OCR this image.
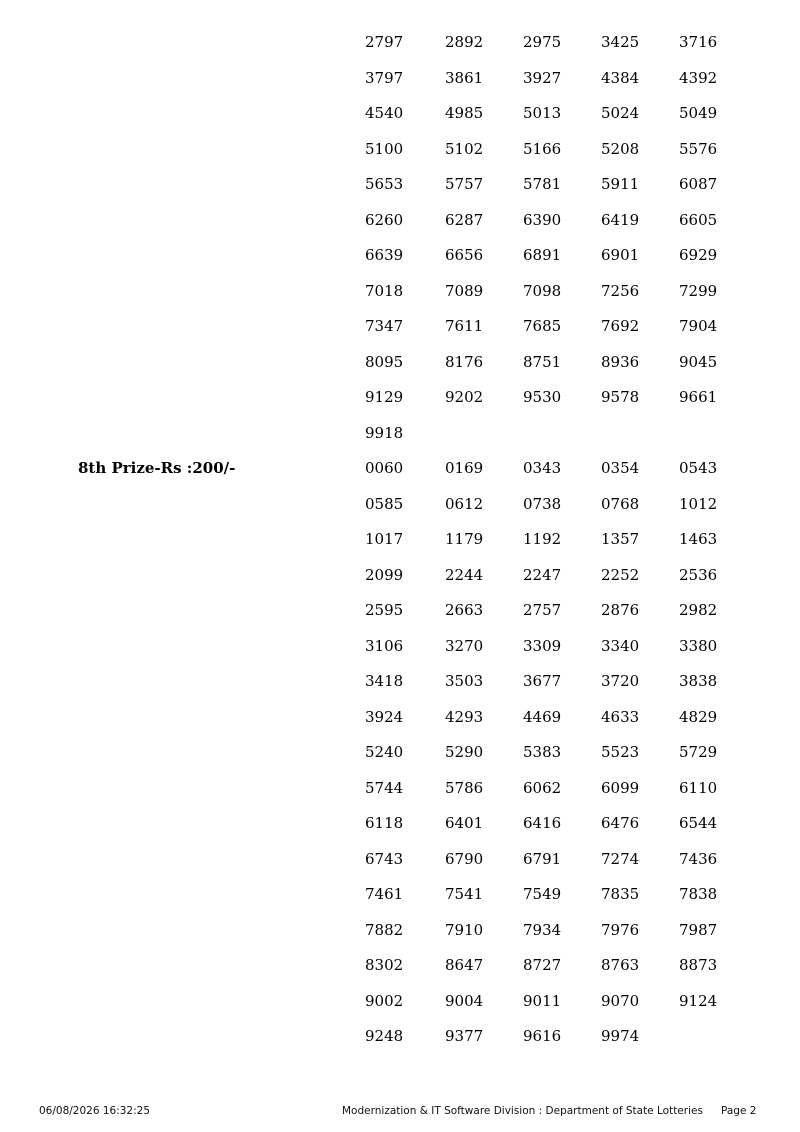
2797	2892	2975	3425	3716
3797	3861	3927	4384	4392
4540	4985	5013	5024	5049
5100	5102	5166	5208	5576
5653	5757	5781	5911	6087
6260	6287	6390	6419	6605
6639	6656	6891	6901	6929
7018	7089	7098	7256	7299
7347	7611	7685	7692	7904
8095	8176	8751	8936	9045
9129	9202	9530	9578	9661
9918
8th Prize-Rs :200/-	0060	0169	0343	0354	0543
0585	0612	0738	0768	1012
1017	1179	1192	1357	1463
2099	2244	2247	2252	2536
2595	2663	2757	2876	2982
3106	3270	3309	3340	3380
3418	3503	3677	3720	3838
3924	4293	4469	4633	4829
5240	5290	5383	5523	5729
5744	5786	6062	6099	6110
6118	6401	6416	6476	6544
6743	6790	6791	7274	7436
7461	7541	7549	7835	7838
7882	7910	7934	7976	7987
8302	8647	8727	8763	8873
9002	9004	9011	9070	9124
9248	9377	9616	9974
06/08/2026 16:32:25	Modernization & IT Software Division : Department of State Lotteries Page 2
